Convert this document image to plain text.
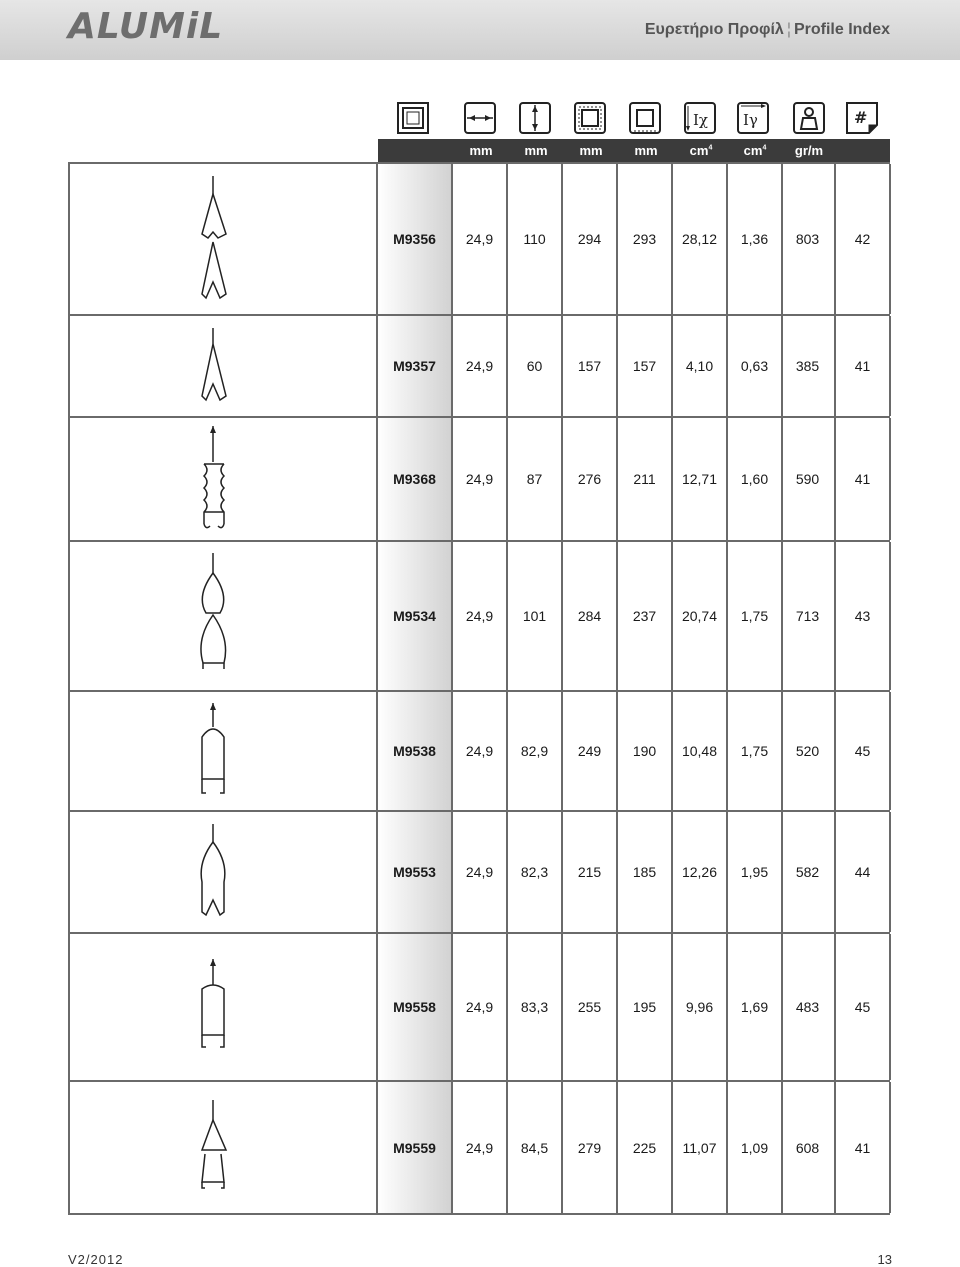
ALUMiL	Ευρετήριο Προφίλ ¦ Profile Index
Iχ Iγ	#
mm	mm	mm	mm	$cm^4$	$cm^4$	gr/m
M9356	24,9	110	294	293	28,12	1,36	803	42
M9357	24,9	60	157	157	4,10	0,63	385	41
M9368	24,9	87	276	211	12,71	1,60	590	41
M9534	24,9	101	284	237	20,74	1,75	713	43
M9538	24,9	82,9	249	190	10,48	1,75	520	45
M9553	24,9	82,3	215	185	12,26	1,95	582	44
M9558	24,9	83,3	255	195	9,96	1,69	483	45
M9559	24,9	84,5	279	225	11,07	1,09	608	41
V2/2012	13
